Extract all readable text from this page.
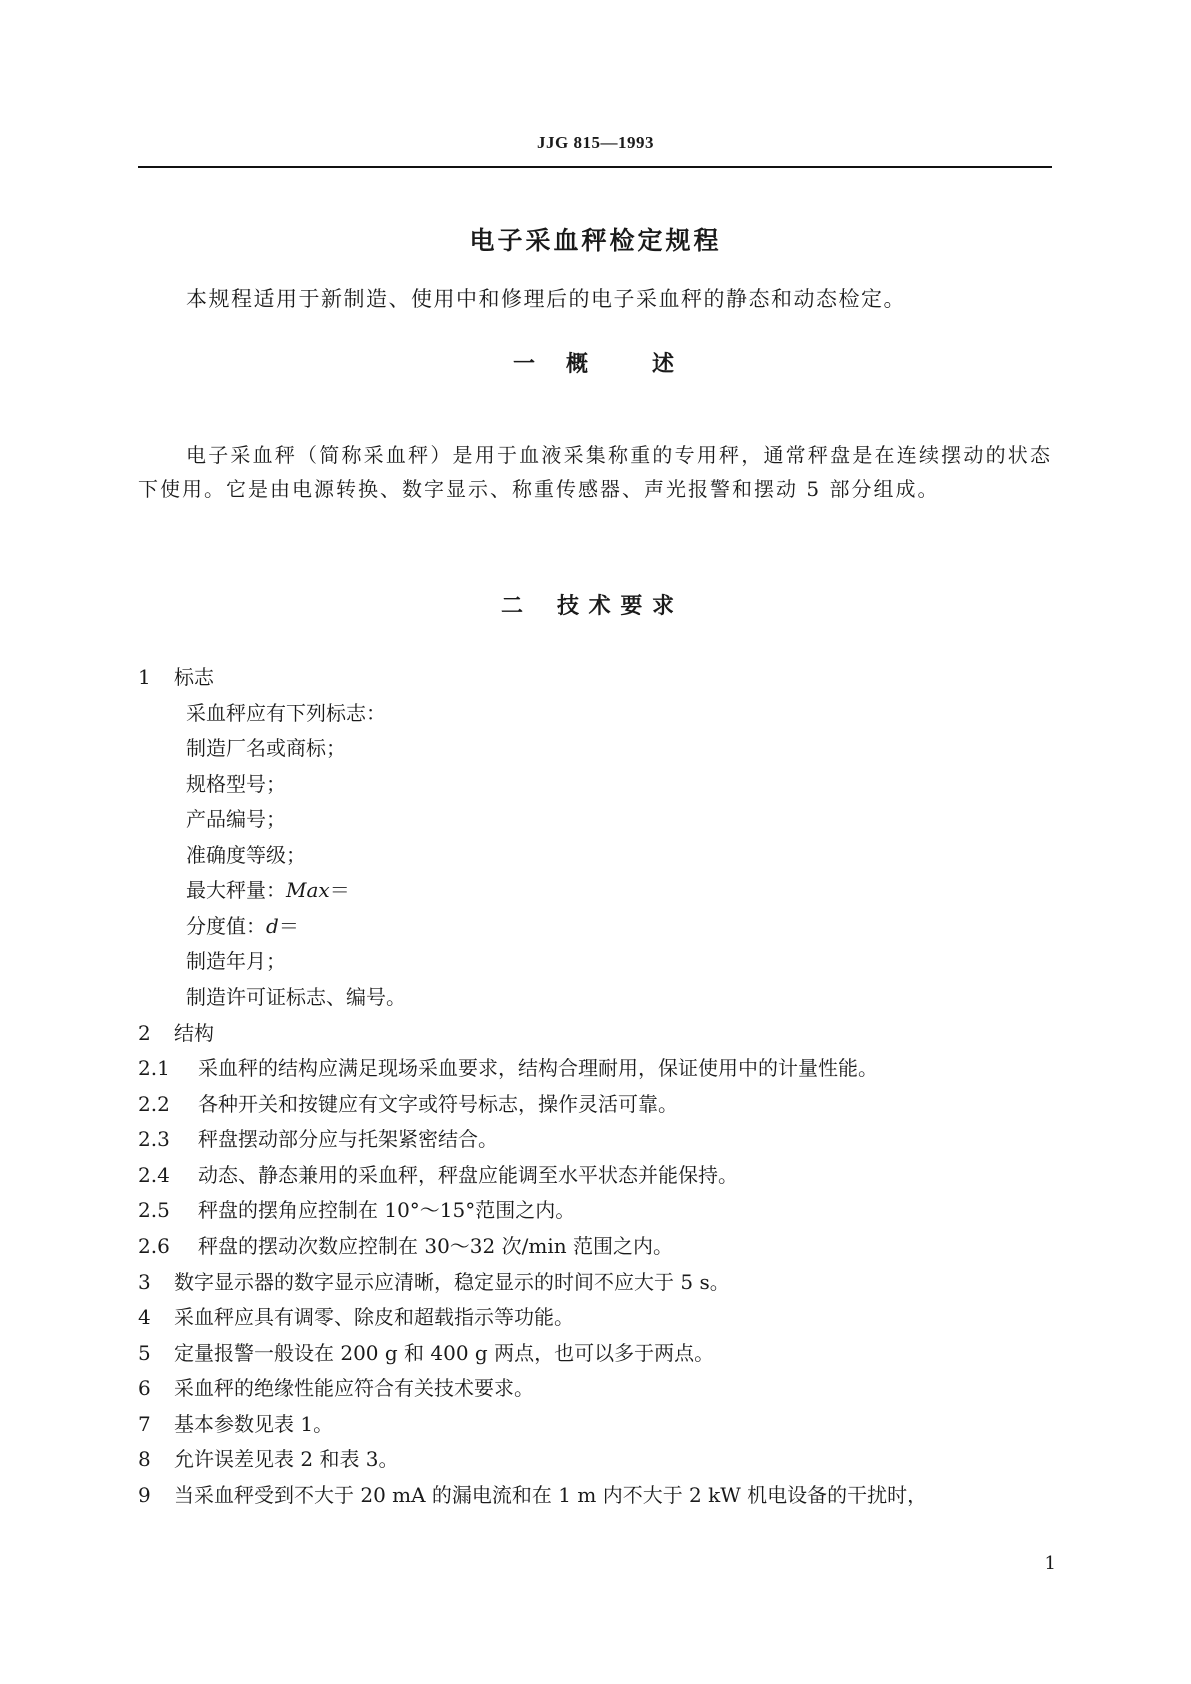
JJG 815—1993
电子采血秤检定规程
本规程适用于新制造、使用中和修理后的电子采血秤的静态和动态检定。
一 概	述
电子采血秤（简称采血秤）是用于血液采集称重的专用秤，通常秤盘是在连续摆动的状态下使用。它是由电源转换、数字显示、称重传感器、声光报警和摆动 5 部分组成。
二 技 术 要 求
1 标志
采血秤应有下列标志：
制造厂名或商标；
规格型号；
产品编号；
准确度等级；
最大秤量：Max＝
分度值：d＝
制造年月；
制造许可证标志、编号。
2 结构
2.1 采血秤的结构应满足现场采血要求，结构合理耐用，保证使用中的计量性能。
2.2 各种开关和按键应有文字或符号标志，操作灵活可靠。
2.3 秤盘摆动部分应与托架紧密结合。
2.4 动态、静态兼用的采血秤，秤盘应能调至水平状态并能保持。
2.5 秤盘的摆角应控制在 10°～15°范围之内。
2.6 秤盘的摆动次数应控制在 30～32 次/min 范围之内。
3 数字显示器的数字显示应清晰，稳定显示的时间不应大于 5 s。
4 采血秤应具有调零、除皮和超载指示等功能。
5 定量报警一般设在 200 g 和 400 g 两点，也可以多于两点。
6 采血秤的绝缘性能应符合有关技术要求。
7 基本参数见表 1。
8 允许误差见表 2 和表 3。
9 当采血秤受到不大于 20 mA 的漏电流和在 1 m 内不大于 2 kW 机电设备的干扰时，
1
